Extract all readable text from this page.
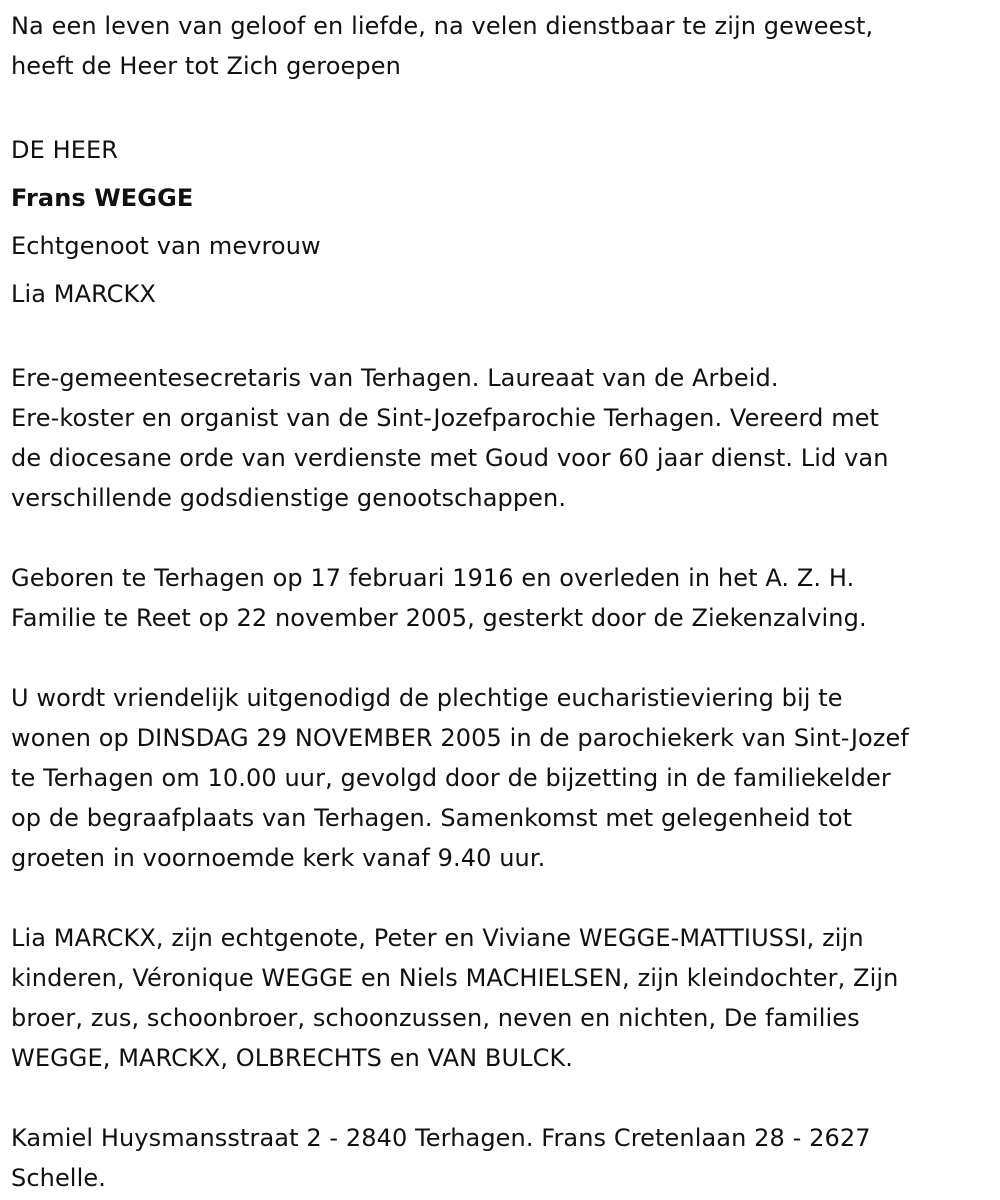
Na een leven van geloof en liefde, na velen dienstbaar te zijn geweest,

heeft de Heer tot Zich geroepen

DE HEER

Frans WEGGE

Echtgenoot van mevrouw

Lia MARCKX

Ere-gemeentesecretaris van Terhagen. Laureaat van de Arbeid.

Ere-koster en organist van de Sint-Jozefparochie Terhagen. Vereerd met

de diocesane orde van verdienste met Goud voor 60 jaar dienst. Lid van

verschillende godsdienstige genootschappen.

Geboren te Terhagen op 17 februari 1916 en overleden in het A. Z. H.

Familie te Reet op 22 november 2005, gesterkt door de Ziekenzalving.

U wordt vriendelijk uitgenodigd de plechtige eucharistieviering bij te

wonen op DINSDAG 29 NOVEMBER 2005 in de parochiekerk van Sint-Jozef

te Terhagen om 10.00 uur, gevolgd door de bijzetting in de familiekelder

op de begraafplaats van Terhagen. Samenkomst met gelegenheid tot

groeten in voornoemde kerk vanaf 9.40 uur.

Lia MARCKX, zijn echtgenote, Peter en Viviane WEGGE-MATTIUSSI, zijn

kinderen, Véronique WEGGE en Niels MACHIELSEN, zijn kleindochter, Zijn

broer, zus, schoonbroer, schoonzussen, neven en nichten, De families

WEGGE, MARCKX, OLBRECHTS en VAN BULCK.

Kamiel Huysmansstraat 2 - 2840 Terhagen. Frans Cretenlaan 28 - 2627

Schelle.
